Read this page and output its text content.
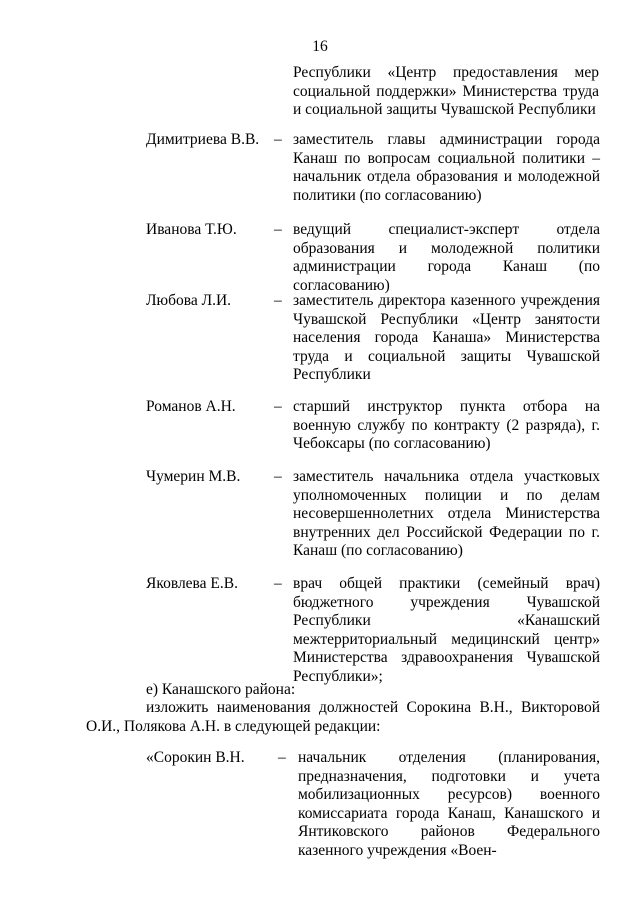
16
Республики «Центр предоставления мер социальной поддержки» Министерства труда и социальной защиты Чувашской Республики
Димитриева В.В. – заместитель главы администрации города Канаш по вопросам социальной политики – начальник отдела образования и молодежной политики (по согласованию)
Иванова Т.Ю. – ведущий специалист-эксперт отдела образования и молодежной политики администрации города Канаш (по согласованию)
Любова Л.И.	– заместитель директора казенного учреждения Чувашской Республики «Центр занятости населения города Канаша» Министерства труда и социальной защиты Чувашской Республики
Романов А.Н. – старший инструктор пункта отбора на военную службу по контракту (2 разряда), г. Чебоксары (по согласованию)
Чумерин М.В. – заместитель начальника отдела участковых уполномоченных полиции и по делам несовершеннолетних отдела Министерства внутренних дел Российской Федерации по г. Канаш (по согласованию)
Яковлева Е.В. – врач общей практики (семейный врач) бюджетного учреждения Чувашской Республики «Канашский межтерриториальный медицинский центр» Министерства здравоохранения Чувашской Республики»;
е) Канашского района:
изложить наименования должностей Сорокина В.Н., Викторовой О.И., Полякова А.Н. в следующей редакции:
«Сорокин В.Н. – начальник отделения (планирования, предназначения, подготовки и учета мобилизационных ресурсов) военного комиссариата города Канаш, Канашского и Янтиковского районов Федерального казенного учреждения «Воен-
